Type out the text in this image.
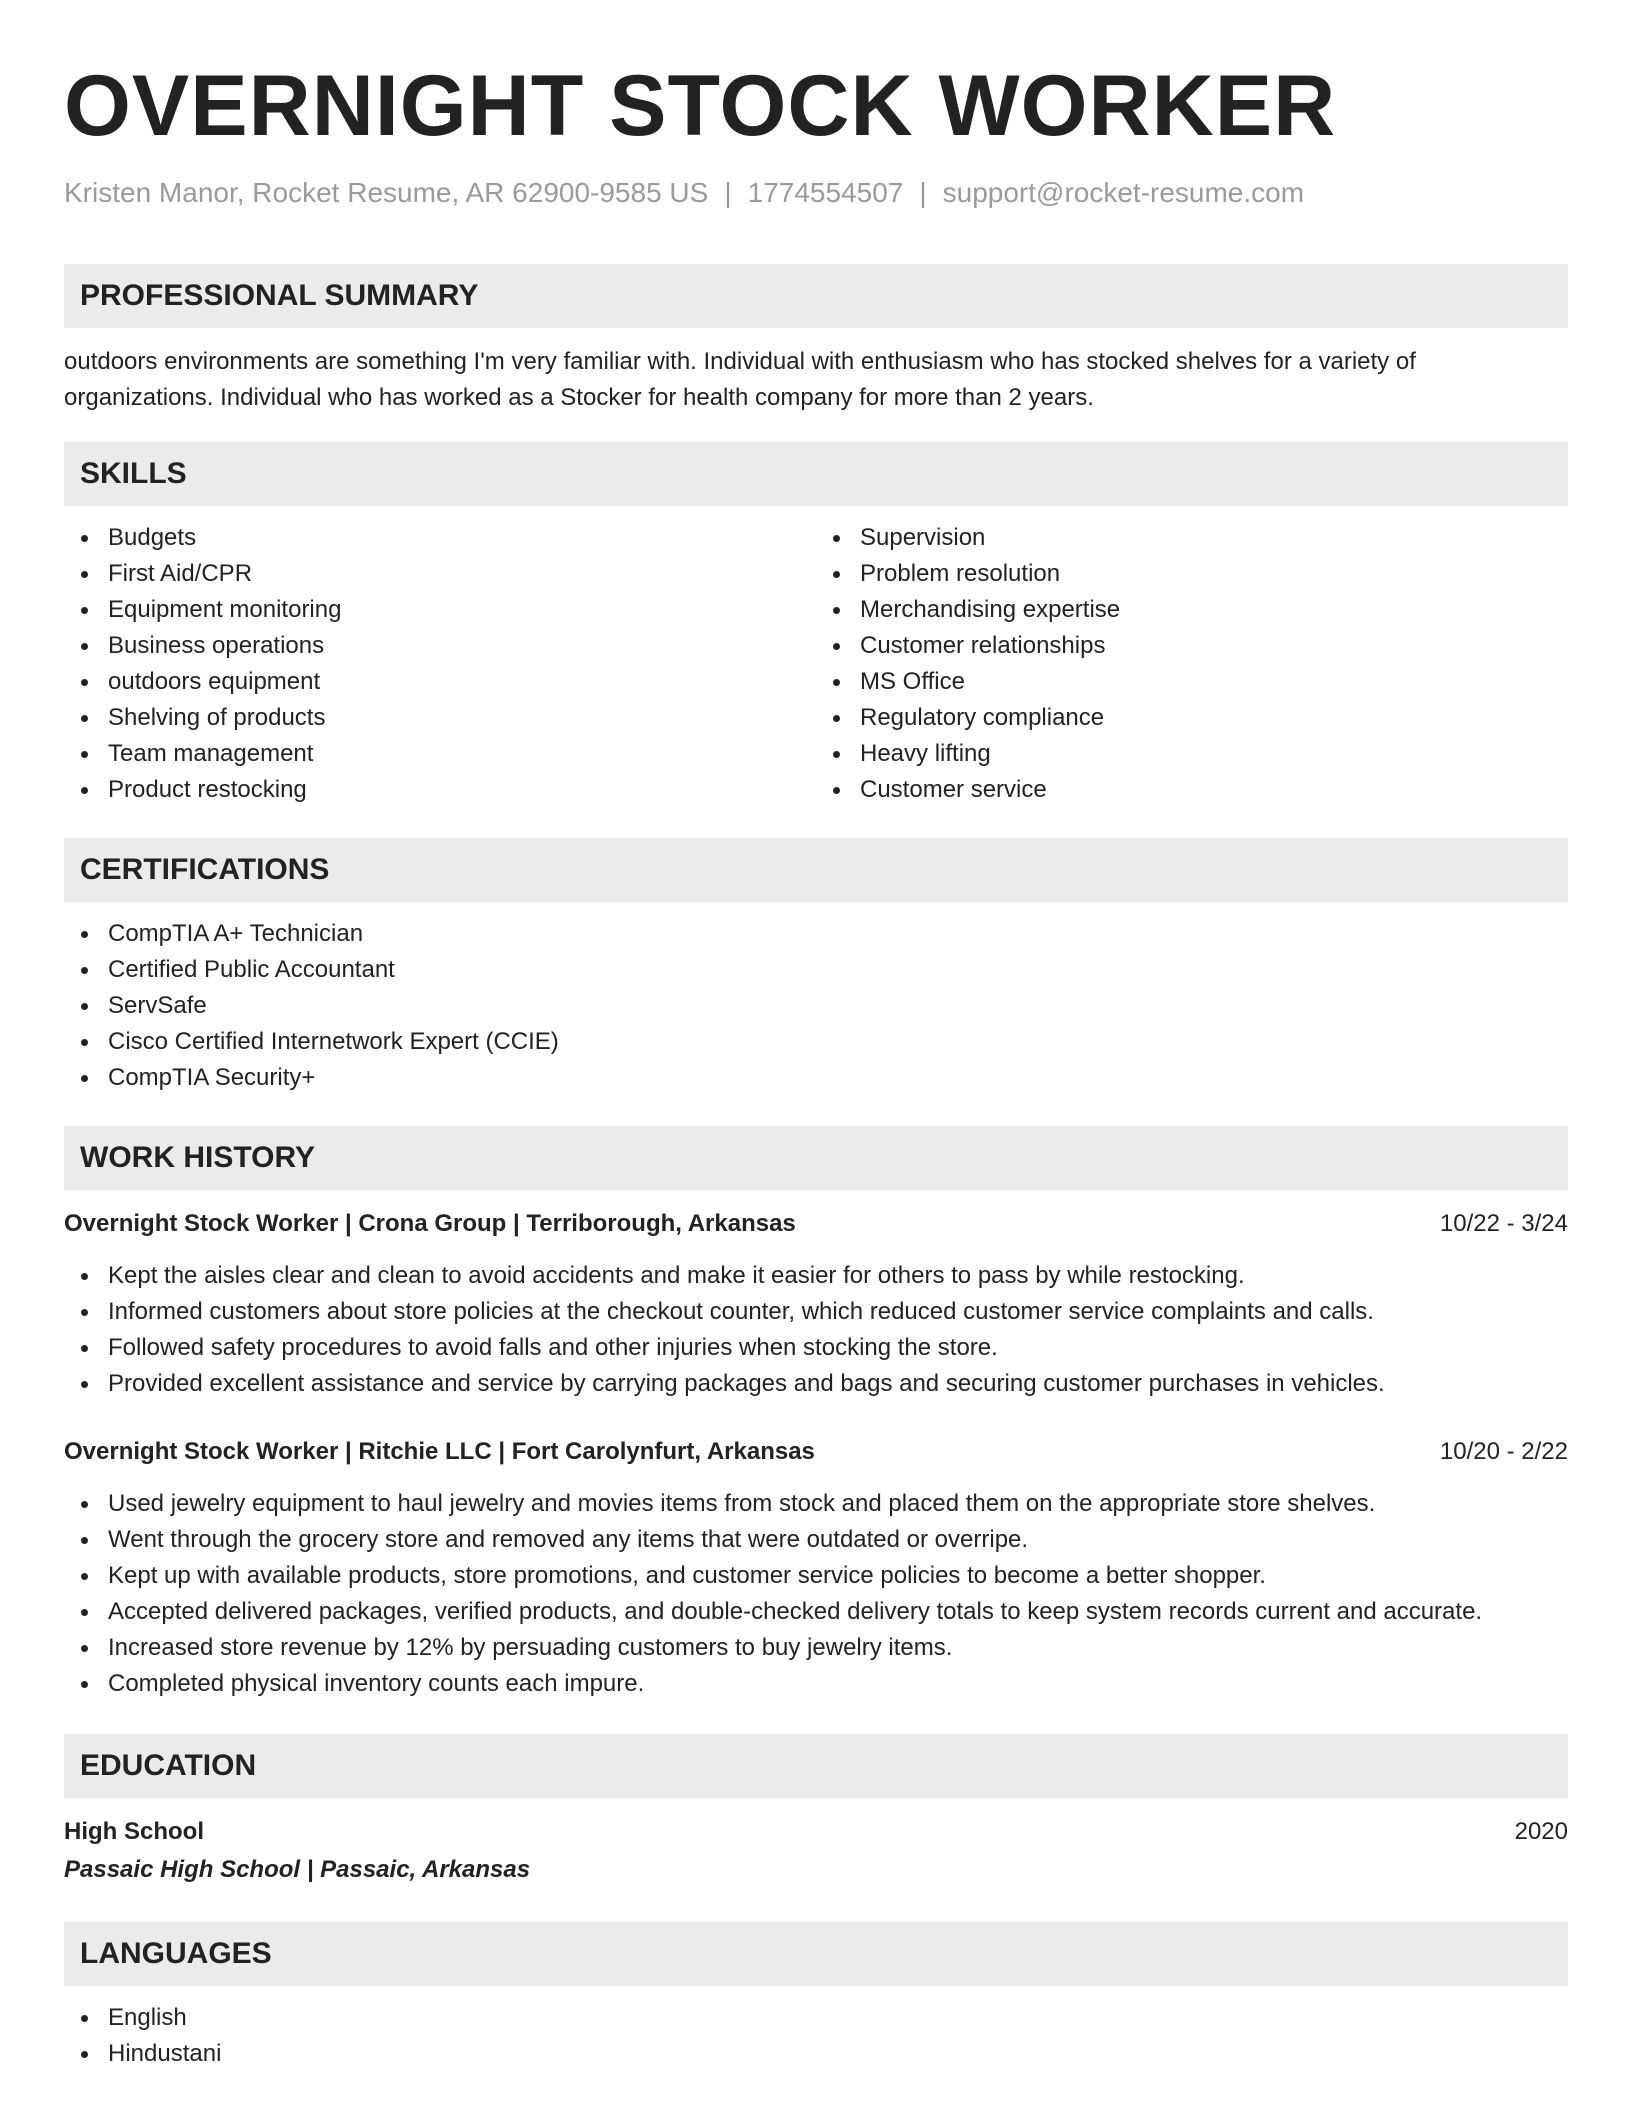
OVERNIGHT STOCK WORKER
Kristen Manor, Rocket Resume, AR 62900-9585 US | 1774554507 | support@rocket-resume.com
PROFESSIONAL SUMMARY

outdoors environments are something I'm very familiar with. Individual with enthusiasm who has stocked shelves for a variety of organizations. Individual who has worked as a Stocker for health company for more than 2 years.

SKILLS
Budgets
First Aid/CPR
Equipment monitoring
Business operations
outdoors equipment
Shelving of products
Team management
Product restocking
Supervision
Problem resolution
Merchandising expertise
Customer relationships
MS Office
Regulatory compliance
Heavy lifting
Customer service
CERTIFICATIONS
CompTIA A+ Technician
Certified Public Accountant
ServSafe
Cisco Certified Internetwork Expert (CCIE)
CompTIA Security+
WORK HISTORY
Overnight Stock Worker | Crona Group | Terriborough, Arkansas	10/22 - 3/24
Kept the aisles clear and clean to avoid accidents and make it easier for others to pass by while restocking.
Informed customers about store policies at the checkout counter, which reduced customer service complaints and calls.
Followed safety procedures to avoid falls and other injuries when stocking the store.
Provided excellent assistance and service by carrying packages and bags and securing customer purchases in vehicles.
Overnight Stock Worker | Ritchie LLC | Fort Carolynfurt, Arkansas	10/20 - 2/22
Used jewelry equipment to haul jewelry and movies items from stock and placed them on the appropriate store shelves.
Went through the grocery store and removed any items that were outdated or overripe.
Kept up with available products, store promotions, and customer service policies to become a better shopper.
Accepted delivered packages, verified products, and double-checked delivery totals to keep system records current and accurate.
Increased store revenue by 12% by persuading customers to buy jewelry items.
Completed physical inventory counts each impure.
EDUCATION
High School	2020
Passaic High School | Passaic, Arkansas
LANGUAGES
English
Hindustani
